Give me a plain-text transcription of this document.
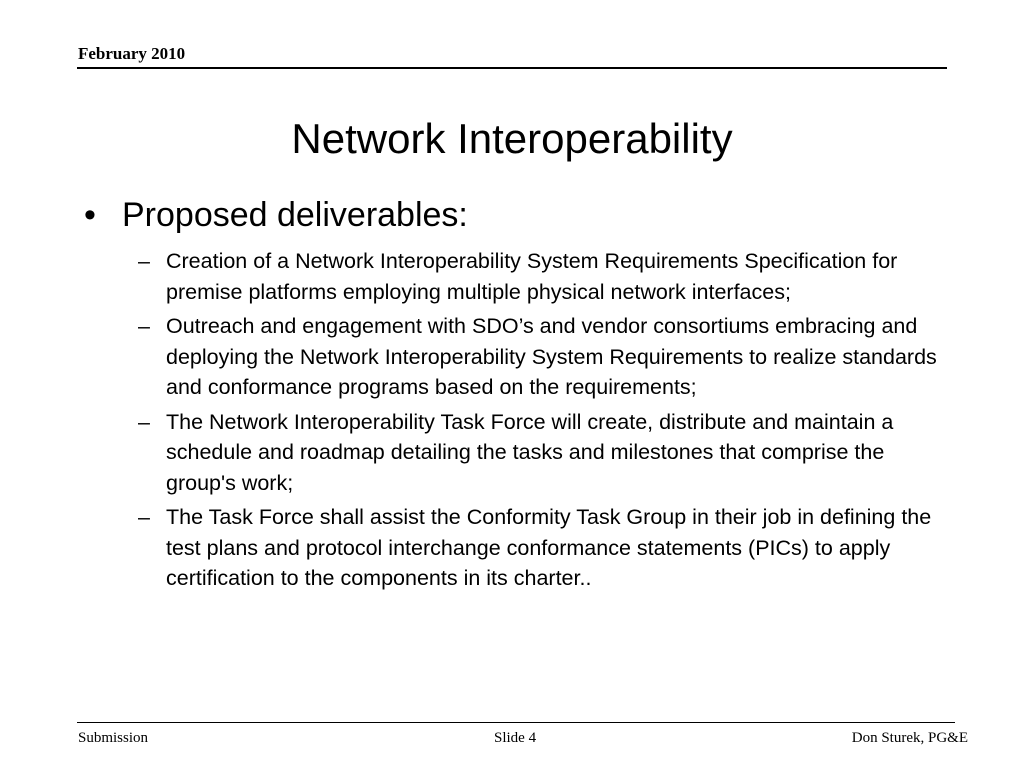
February 2010
Network Interoperability
• Proposed deliverables:
– Creation of a Network Interoperability System Requirements Specification for premise platforms employing multiple physical network interfaces;
– Outreach and engagement with SDO’s and vendor consortiums embracing and deploying the Network Interoperability System Requirements to realize standards and conformance programs based on the requirements;
– The Network Interoperability Task Force will create, distribute and maintain a schedule and roadmap detailing the tasks and milestones that comprise the group's work;
– The Task Force shall assist the Conformity Task Group in their job in defining the test plans and protocol interchange conformance statements (PICs) to apply certification to the components in its charter..
Submission	Slide 4	Don Sturek, PG&E
